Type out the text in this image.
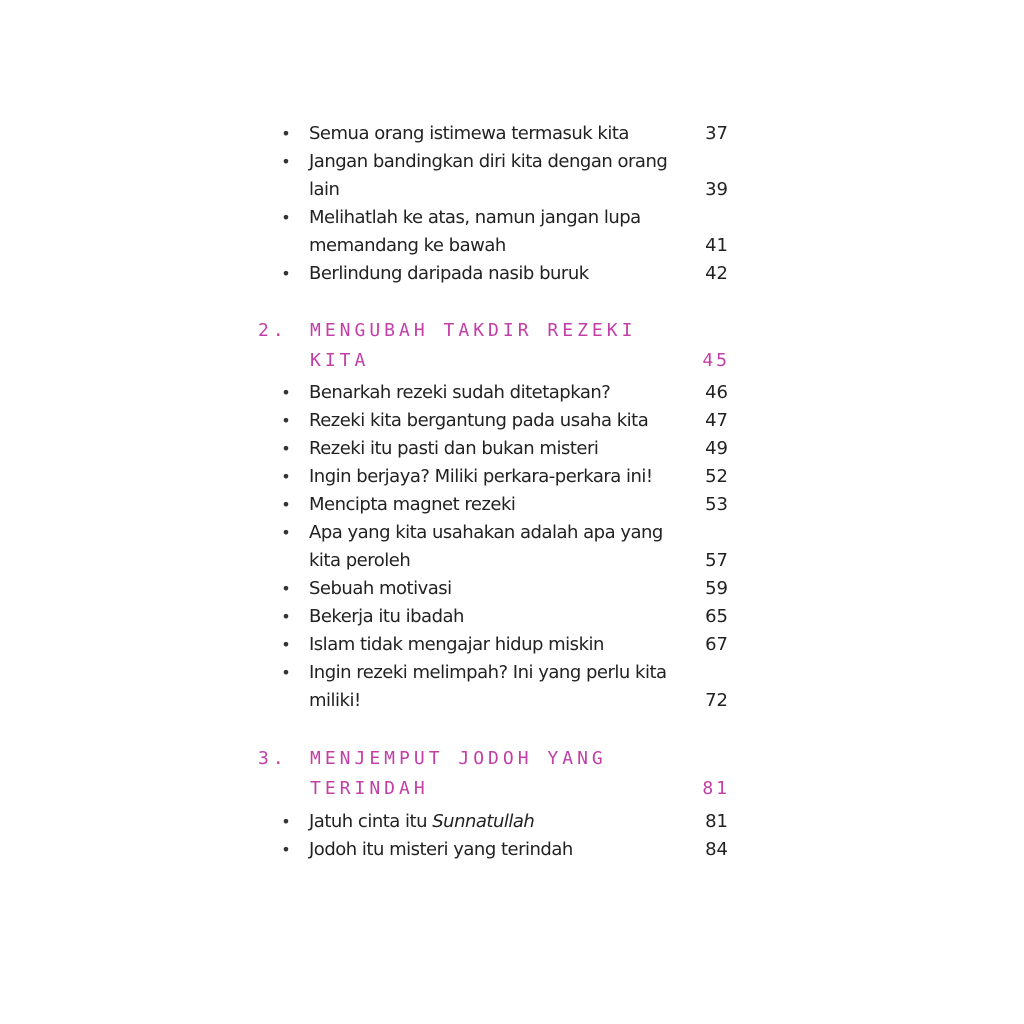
• Semua orang istimewa termasuk kita	37
• Jangan bandingkan diri kita dengan orang
lain	39
• Melihatlah ke atas, namun jangan lupa
memandang ke bawah	41
• Berlindung daripada nasib buruk	42
2. MENGUBAH TAKDIR REZEKI
KITA	45
• Benarkah rezeki sudah ditetapkan?	46
• Rezeki kita bergantung pada usaha kita	47
• Rezeki itu pasti dan bukan misteri	49
• Ingin berjaya? Miliki perkara-perkara ini!	52
• Mencipta magnet rezeki	53
• Apa yang kita usahakan adalah apa yang
kita peroleh	57
• Sebuah motivasi	59
• Bekerja itu ibadah	65
• Islam tidak mengajar hidup miskin	67
• Ingin rezeki melimpah? Ini yang perlu kita
miliki!	72
3. MENJEMPUT JODOH YANG
TERINDAH	81
• Jatuh cinta itu Sunnatullah	81
• Jodoh itu misteri yang terindah	84
